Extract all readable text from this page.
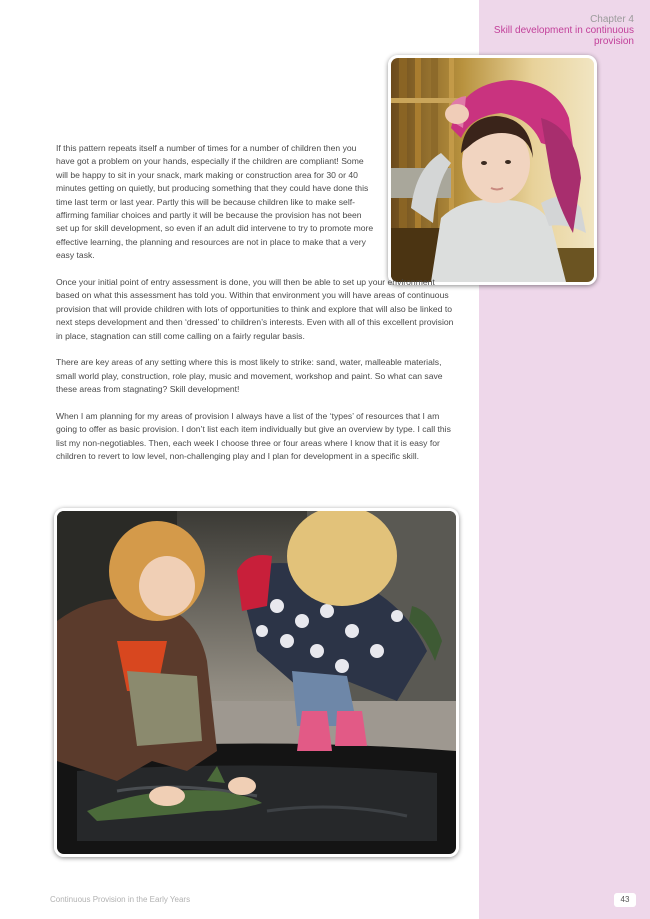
Chapter 4
Skill development in continuous provision

If this pattern repeats itself a number of times for a number of children then you have got a problem on your hands, especially if the children are compliant! Some will be happy to sit in your snack, mark making or construction area for 30 or 40 minutes getting on quietly, but producing something that they could have done this time last term or last year. Partly this will be because children like to make self-affirming familiar choices and partly it will be because the provision has not been set up for skill development, so even if an adult did intervene to try to promote more effective learning, the planning and resources are not in place to make that a very easy task.

Once your initial point of entry assessment is done, you will then be able to set up your environment based on what this assessment has told you. Within that environment you will have areas of continuous provision that will provide children with lots of opportunities to think and explore that will also be linked to next steps development and then ‘dressed’ to children’s interests. Even with all of this excellent provision in place, stagnation can still come calling on a fairly regular basis.

There are key areas of any setting where this is most likely to strike: sand, water, malleable materials, small world play, construction, role play, music and movement, workshop and paint. So what can save these areas from stagnating? Skill development!

When I am planning for my areas of provision I always have a list of the ‘types’ of resources that I am going to offer as basic provision. I don’t list each item individually but give an overview by type. I call this list my non-negotiables. Then, each week I choose three or four areas where I know that it is easy for children to revert to low level, non-challenging play and I plan for development in a specific skill.

Continuous Provision in the Early Years	43
